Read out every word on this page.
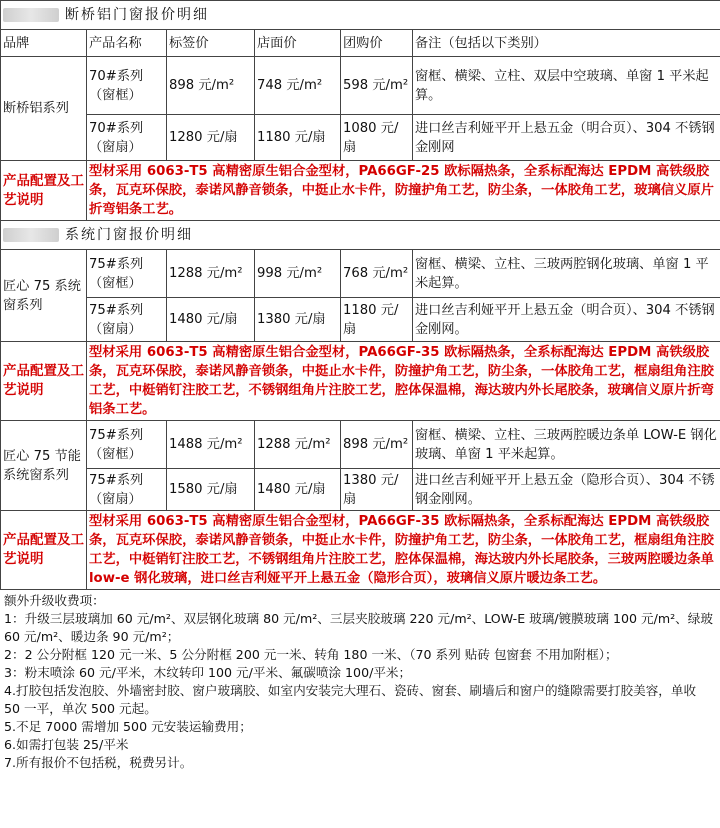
断桥铝门窗报价明细					
品牌	产品名称	标签价	店面价	团购价	备注（包括以下类别）
断桥铝系列	70#系列（窗框）	898 元/m²	748 元/m²	598 元/m²	窗框、横梁、立柱、双层中空玻璃、单窗 1 平米起算。
	70#系列（窗扇）	1280 元/扇	1180 元/扇	1080 元/扇	进口丝吉利娅平开上悬五金（明合页）、304 不锈钢金刚网
产品配置及工艺说明	型材采用 6063-T5 高精密原生铝合金型材，PA66GF-25 欧标隔热条，全系标配海达 EPDM 高铁级胶条，瓦克环保胶，泰诺风静音锁条，中挺止水卡件，防撞护角工艺，防尘条，一体胶角工艺，玻璃信义原片折弯铝条工艺。				
系统门窗报价明细					
匠心 75 系统窗系列	75#系列（窗框）	1288 元/m²	998 元/m²	768 元/m²	窗框、横梁、立柱、三玻两腔钢化玻璃、单窗 1 平米起算。
	75#系列（窗扇）	1480 元/扇	1380 元/扇	1180 元/扇	进口丝吉利娅平开上悬五金（明合页）、304 不锈钢金刚网。
产品配置及工艺说明	型材采用 6063-T5 高精密原生铝合金型材，PA66GF-35 欧标隔热条，全系标配海达 EPDM 高铁级胶条，瓦克环保胶，泰诺风静音锁条，中挺止水卡件，防撞护角工艺，防尘条，一体胶角工艺，框扇组角注胶工艺，中梃销钉注胶工艺，不锈钢组角片注胶工艺，腔体保温棉，海达玻内外长尾胶条，玻璃信义原片折弯铝条工艺。				
匠心 75 节能系统窗系列	75#系列（窗框）	1488 元/m²	1288 元/m²	898 元/m²	窗框、横梁、立柱、三玻两腔暖边条单 LOW-E 钢化玻璃、单窗 1 平米起算。
	75#系列（窗扇）	1580 元/扇	1480 元/扇	1380 元/扇	进口丝吉利娅平开上悬五金（隐形合页）、304 不锈钢金刚网。
产品配置及工艺说明	型材采用 6063-T5 高精密原生铝合金型材，PA66GF-35 欧标隔热条，全系标配海达 EPDM 高铁级胶条，瓦克环保胶，泰诺风静音锁条，中挺止水卡件，防撞护角工艺，防尘条，一体胶角工艺，框扇组角注胶工艺，中梃销钉注胶工艺，不锈钢组角片注胶工艺，腔体保温棉，海达玻内外长尾胶条，三玻两腔暖边条单 low-e 钢化玻璃，进口丝吉利娅平开上悬五金（隐形合页），玻璃信义原片暖边条工艺。				
额外升级收费项：
1：升级三层玻璃加 60 元/m²、双层钢化玻璃 80 元/m²、三层夹胶玻璃 220 元/m²、LOW-E 玻璃/镀膜玻璃 100 元/m²、绿玻 60 元/m²、暖边条 90 元/m²；
2：2 公分附框 120 元一米、5 公分附框 200 元一米、转角 180 一米、（70 系列 贴砖 包窗套 不用加附框）；
3：粉末喷涂 60 元/平米，木纹转印 100 元/平米、氟碳喷涂 100/平米；
4.打胶包括发泡胶、外墙密封胶、窗户玻璃胶、如室内安装完大理石、瓷砖、窗套、刷墙后和窗户的缝隙需要打胶美容，单收 50 一平，单次 500 元起。
5.不足 7000 需增加 500 元安装运输费用；
6.如需打包装 25/平米
7.所有报价不包括税，税费另计。
